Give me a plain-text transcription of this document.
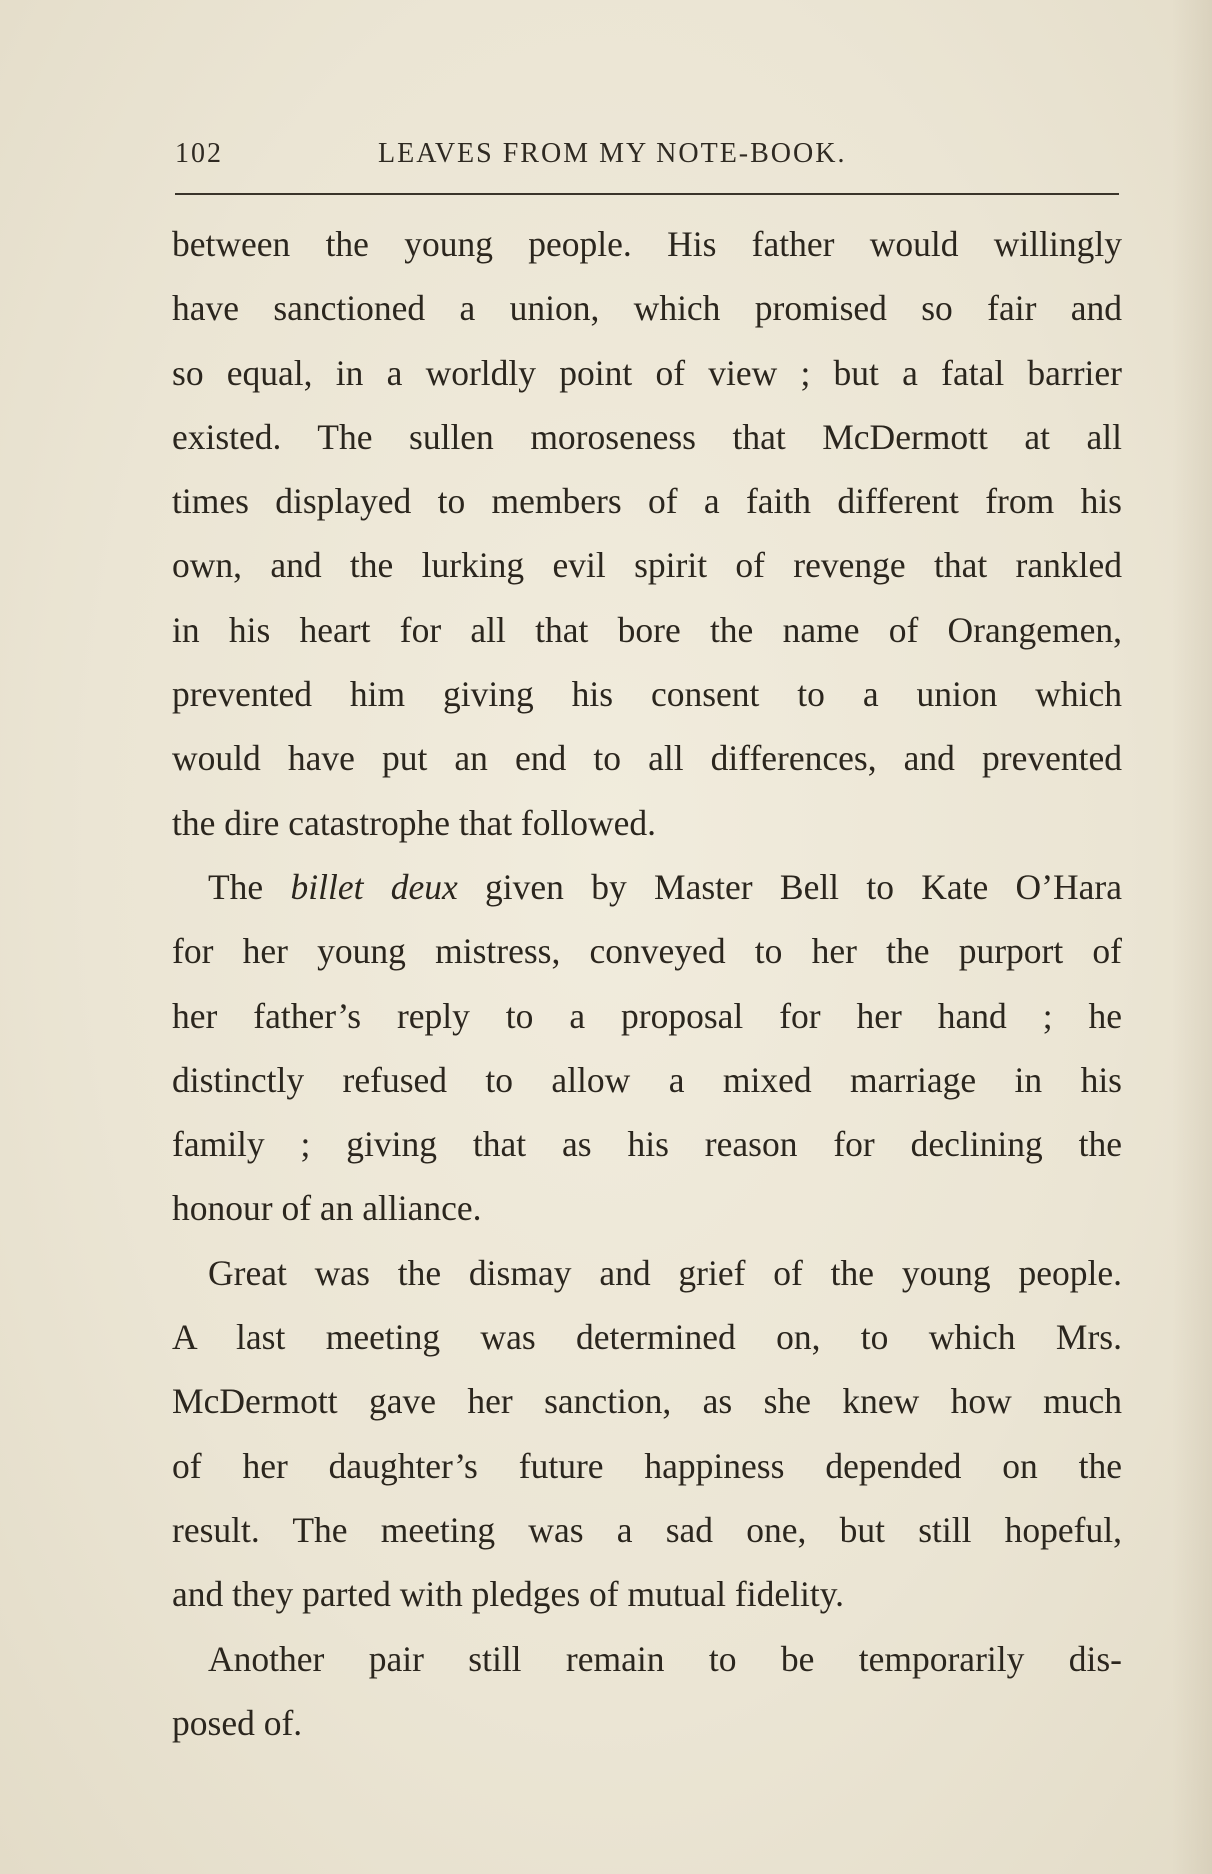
102	LEAVES FROM MY NOTE-BOOK.
between the young people. His father would willingly
have sanctioned a union, which promised so fair and
so equal, in a worldly point of view ; but a fatal barrier
existed. The sullen moroseness that McDermott at all
times displayed to members of a faith different from his
own, and the lurking evil spirit of revenge that rankled
in his heart for all that bore the name of Orangemen,
prevented him giving his consent to a union which
would have put an end to all differences, and prevented
the dire catastrophe that followed.
The billet deux given by Master Bell to Kate O’Hara
for her young mistress, conveyed to her the purport of
her father’s reply to a proposal for her hand ; he
distinctly refused to allow a mixed marriage in his
family ; giving that as his reason for declining the
honour of an alliance.
Great was the dismay and grief of the young people.
A last meeting was determined on, to which Mrs.
McDermott gave her sanction, as she knew how much
of her daughter’s future happiness depended on the
result. The meeting was a sad one, but still hopeful,
and they parted with pledges of mutual fidelity.
Another pair still remain to be temporarily dis-
posed of.
